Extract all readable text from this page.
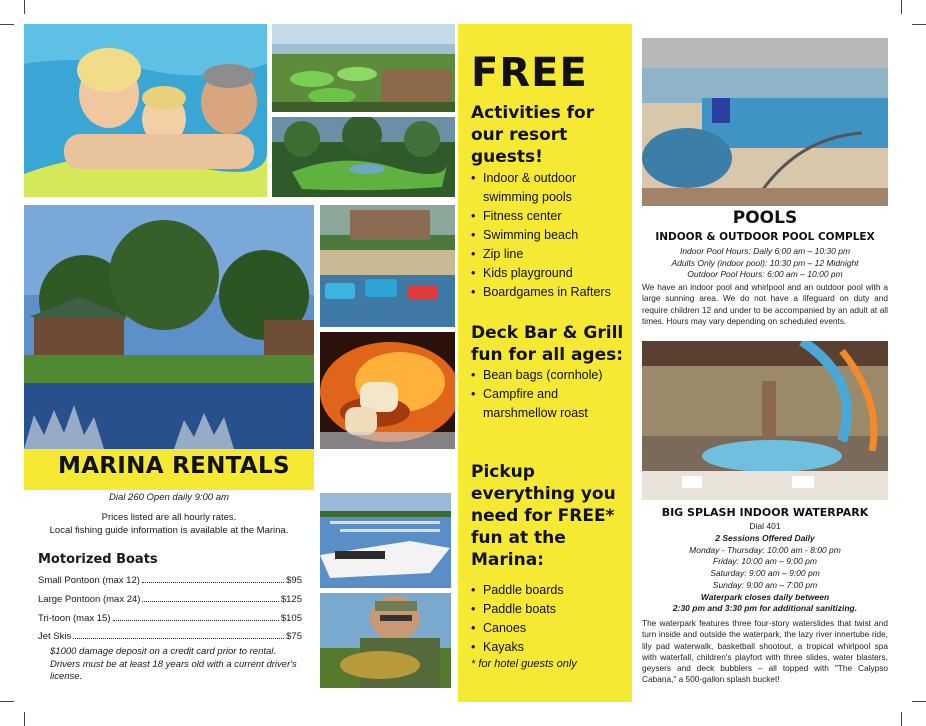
MARINA RENTALS
Dial 260 Open daily 9:00 am
Prices listed are all hourly rates.
Local fishing guide information is available at the Marina.
Motorized Boats
Small Pontoon (max 12)	$95
Large Pontoon (max 24)	$125
Tri-toon (max 15)	$105
Jet Skis	$75
$1000 damage deposit on a credit card prior to rental. Drivers must be at least 18 years old with a current driver's license.
FREE
Activities for our resort guests!
• Indoor & outdoor swimming pools
• Fitness center
• Swimming beach
• Zip line
• Kids playground
• Boardgames in Rafters
Deck Bar & Grill fun for all ages:
• Bean bags (cornhole)
• Campfire and marshmellow roast
Pickup everything you need for FREE* fun at the Marina:
• Paddle boards
• Paddle boats
• Canoes
• Kayaks
* for hotel guests only
POOLS
INDOOR & OUTDOOR POOL COMPLEX
Indoor Pool Hours: Daily 6:00 am – 10:30 pm
Adults Only (indoor pool): 10:30 pm – 12 Midnight
Outdoor Pool Hours: 6:00 am – 10:00 pm
We have an indoor pool and whirlpool and an outdoor pool with a large sunning area. We do not have a lifeguard on duty and require children 12 and under to be accompanied by an adult at all times. Hours may vary depending on scheduled events.
BIG SPLASH INDOOR WATERPARK
Dial 401
2 Sessions Offered Daily
Monday - Thursday: 10:00 am - 8:00 pm
Friday: 10:00 am – 9:00 pm
Saturday: 9:00 am – 9:00 pm
Sunday: 9:00 am – 7:00 pm
Waterpark closes daily between
2:30 pm and 3:30 pm for additional sanitizing.
The waterpark features three four-story waterslides that twist and turn inside and outside the waterpark, the lazy river innertube ride, lily pad waterwalk, basketball shootout, a tropical whirlpool spa with waterfall, children's playfort with three slides, water blasters, geysers and deck bubblers – all topped with "The Calypso Cabana," a 500-gallon splash bucket!
